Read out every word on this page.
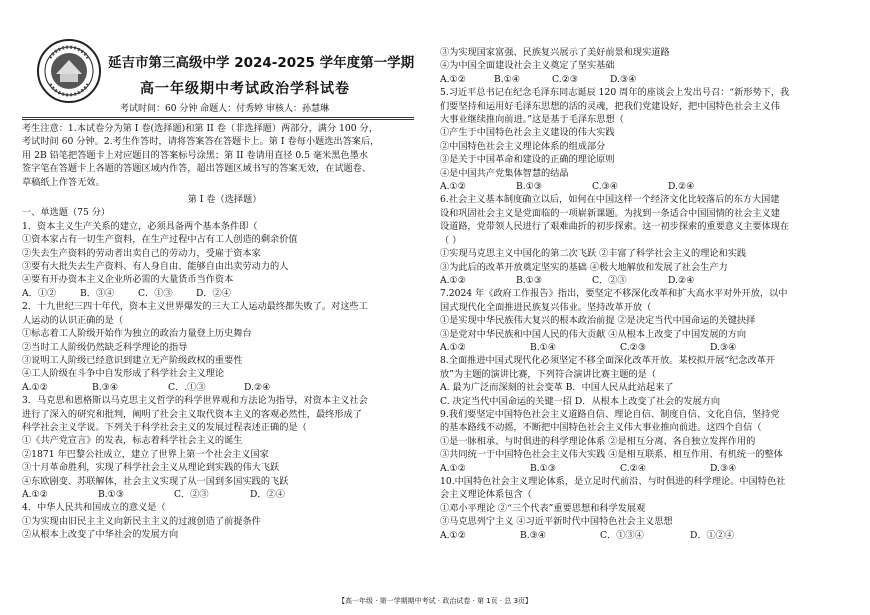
延吉市第三高级中学 2024-2025 学年度第一学期
高一年级期中考试政治学科试卷
考试时间：60 分钟 命题人：付秀婷 审核人：孙慧琳
考生注意：1.本试卷分为第 I 卷(选择题)和第 II 卷（非选择题）两部分，满分 100 分，
考试时间 60 分钟。2.考生作答时，请将答案答在答题卡上。第 I 卷每小题选出答案后，
用 2B 铅笔把答题卡上对应题目的答案标号涂黑；第 II 卷请用直径 0.5 毫米黑色墨水
签字笔在答题卡上各题的答题区域内作答，超出答题区域书写的答案无效，在试题卷、
草稿纸上作答无效。
第 I 卷（选择题）
一、单选题（75 分）
1．资本主义生产关系的建立，必须具备两个基本条件即（
①资本家占有一切生产资料，在生产过程中占有工人创造的剩余价值
②失去生产资料的劳动者出卖自己的劳动力，受雇于资本家
③要有大批失去生产资料、有人身自由、能够自由出卖劳动力的人
④要有开办资本主义企业所必需的大量货币当作资本
A．①②	B．③④	C．①③	D．②④
2．十九世纪三四十年代，资本主义世界爆发的三大工人运动最终都失败了。对这些工
人运动的认识正确的是（
①标志着工人阶级开始作为独立的政治力量登上历史舞台
②当时工人阶级仍然缺乏科学理论的指导
③说明工人阶级已经意识到建立无产阶级政权的重要性
④工人阶级在斗争中自发形成了科学社会主义理论
A.①②	B.③④	C．.①③	D.②④
3．马克思和恩格斯以马克思主义哲学的科学世界观和方法论为指导，对资本主义社会
进行了深入的研究和批判，阐明了社会主义取代资本主义的客观必然性，最终形成了
科学社会主义学说。下列关于科学社会主义的发展过程表述正确的是（
①《共产党宣言》的发表，标志着科学社会主义的诞生
②1871 年巴黎公社成立，建立了世界上第一个社会主义国家
③十月革命胜利，实现了科学社会主义从理论到实践的伟大飞跃
④东欧剧变、苏联解体，社会主义实现了从一国到多国实践的飞跃
A.①②	B.①③	C．②③	D．②④
4．中华人民共和国成立的意义是（
①为实现由旧民主主义向新民主主义的过渡创造了前提条件
②从根本上改变了中华社会的发展方向
③为实现国家富强、民族复兴展示了美好前景和现实道路
④为中国全面建设社会主义奠定了坚实基础
A.①②	B.①④	C.②③	D.③④
5.习近平总书记在纪念毛泽东同志诞辰 120 周年的座谈会上发出号召：“新形势下，我
们要坚持和运用好毛泽东思想的活的灵魂，把我们党建设好，把中国特色社会主义伟
大事业继续推向前进。”这是基于毛泽东思想（
①产生于中国特色社会主义建设的伟大实践
②中国特色社会主义理论体系的组成部分
③是关于中国革命和建设的正确的理论原则
④是中国共产党集体智慧的结晶
A.①②	B.①③	C.③④	D.②④
6.社会主义基本制度确立以后，如何在中国这样一个经济文化比较落后的东方大国建
设和巩固社会主义是党面临的一项崭新课题。为找到一条适合中国国情的社会主义建
设道路，党带领人民进行了艰难曲折的初步探索。这一初步探索的重要意义主要体现在
（ ）
①实现马克思主义中国化的第二次飞跃 ②丰富了科学社会主义的理论和实践
③为此后的改革开放奠定坚实的基础 ④极大地解放和发展了社会生产力
A.①②	B.①③	C．②③	D.②④
7.2024 年《政府工作报告》指出，要坚定不移深化改革和扩大高水平对外开放，以中
国式现代化全面推进民族复兴伟业。坚持改革开放（
①是实现中华民族伟大复兴的根本政治前提 ②是决定当代中国命运的关键抉择
③是党对中华民族和中国人民的伟大贡献 ④从根本上改变了中国发展的方向
A.①②	B.①④	C.②③	D.③④
8.全面推进中国式现代化必须坚定不移全面深化改革开放。某校拟开展“纪念改革开
放”为主题的演讲比赛，下列符合演讲比赛主题的是（
A. 最为广泛而深刻的社会变革 B．中国人民从此站起来了
C. 决定当代中国命运的关键一招 D．从根本上改变了社会的发展方向
9.我们要坚定中国特色社会主义道路自信、理论自信、制度自信、文化自信，坚持党
的基本路线不动摇，不断把中国特色社会主义伟大事业推向前进。这四个自信（
①是一脉相承、与时俱进的科学理论体系 ②是相互分离、各自独立发挥作用的
③共同统一于中国特色社会主义伟大实践 ④是相互联系、相互作用、有机统一的整体
A.①②	B.①③	C.②④	D.③④
10.中国特色社会主义理论体系，是立足时代前沿、与时俱进的科学理论。中国特色社
会主义理论体系包含（
①邓小平理论 ②“三个代表”重要思想和科学发展观
③马克思列宁主义 ④习近平新时代中国特色社会主义思想
A.①②	B.③④	C．①③④	D．①②④
【高一年级 · 第一学期期中考试 · 政治试卷 · 第 1页 · 总 3页】
